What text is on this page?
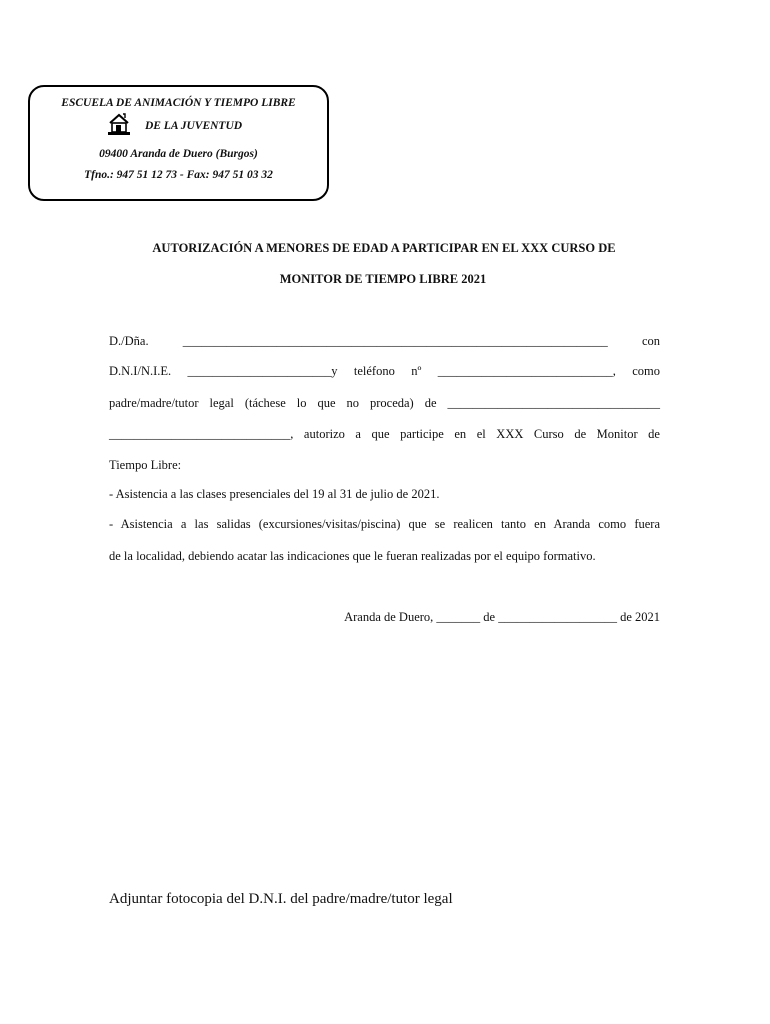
ESCUELA DE ANIMACIÓN Y TIEMPO LIBRE
DE LA JUVENTUD
09400 Aranda de Duero (Burgos)
Tfno.: 947 51 12 73 - Fax: 947 51 03 32
AUTORIZACIÓN A MENORES DE EDAD A PARTICIPAR EN EL XXX CURSO DE
MONITOR DE TIEMPO LIBRE 2021
D./Dña. ____________________________________________________________________ con
D.N.I/N.I.E. _______________________y teléfono nº ____________________________, como
padre/madre/tutor legal (táchese lo que no proceda) de __________________________________
_____________________________, autorizo a que participe en el XXX Curso de Monitor de
Tiempo Libre:
- Asistencia a las clases presenciales del 19 al 31 de julio de 2021.
- Asistencia a las salidas (excursiones/visitas/piscina) que se realicen tanto en Aranda como fuera
de la localidad, debiendo acatar las indicaciones que le fueran realizadas por el equipo formativo.
Aranda de Duero, _______ de ___________________ de 2021
Adjuntar fotocopia del D.N.I. del padre/madre/tutor legal
